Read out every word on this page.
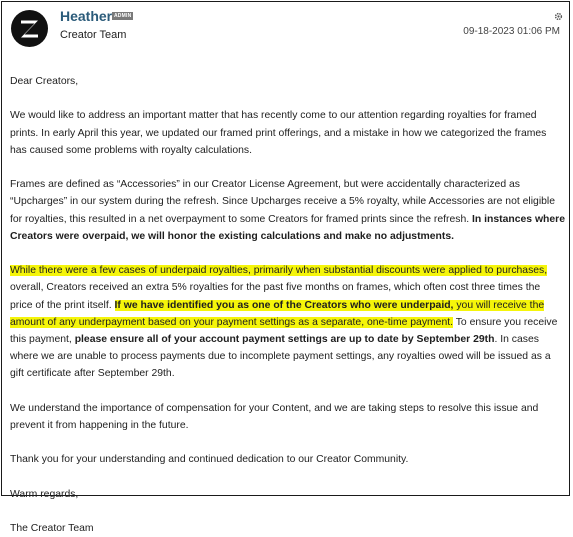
Heather ADMIN
Creator Team	09-18-2023 01:06 PM

Dear Creators,

We would like to address an important matter that has recently come to our attention regarding royalties for framed prints. In early April this year, we updated our framed print offerings, and a mistake in how we categorized the frames has caused some problems with royalty calculations.

Frames are defined as “Accessories” in our Creator License Agreement, but were accidentally characterized as “Upcharges” in our system during the refresh. Since Upcharges receive a 5% royalty, while Accessories are not eligible for royalties, this resulted in a net overpayment to some Creators for framed prints since the refresh. In instances where Creators were overpaid, we will honor the existing calculations and make no adjustments.

While there were a few cases of underpaid royalties, primarily when substantial discounts were applied to purchases, overall, Creators received an extra 5% royalties for the past five months on frames, which often cost three times the price of the print itself. If we have identified you as one of the Creators who were underpaid, you will receive the amount of any underpayment based on your payment settings as a separate, one-time payment. To ensure you receive this payment, please ensure all of your account payment settings are up to date by September 29th. In cases where we are unable to process payments due to incomplete payment settings, any royalties owed will be issued as a gift certificate after September 29th.

We understand the importance of compensation for your Content, and we are taking steps to resolve this issue and prevent it from happening in the future.

Thank you for your understanding and continued dedication to our Creator Community.

Warm regards,

The Creator Team
